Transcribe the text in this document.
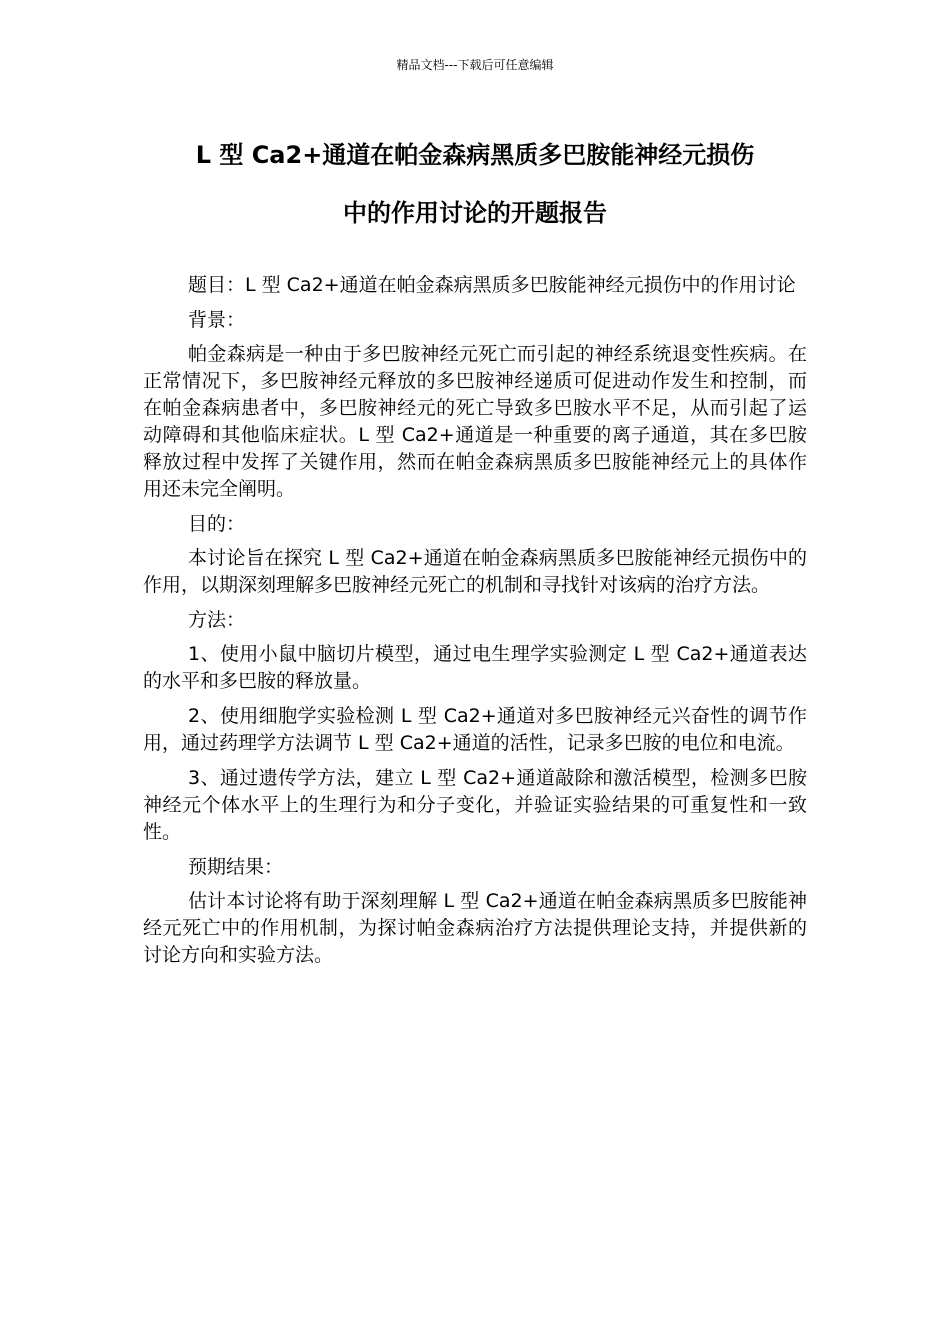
精品文档---下载后可任意编辑
L 型 Ca2+通道在帕金森病黑质多巴胺能神经元损伤
中的作用讨论的开题报告

题目：L 型 Ca2+通道在帕金森病黑质多巴胺能神经元损伤中的作用讨论

背景：

帕金森病是一种由于多巴胺神经元死亡而引起的神经系统退变性疾病。在正常情况下，多巴胺神经元释放的多巴胺神经递质可促进动作发生和控制，而在帕金森病患者中，多巴胺神经元的死亡导致多巴胺水平不足，从而引起了运动障碍和其他临床症状。L 型 Ca2+通道是一种重要的离子通道，其在多巴胺释放过程中发挥了关键作用，然而在帕金森病黑质多巴胺能神经元上的具体作用还未完全阐明。

目的：

本讨论旨在探究 L 型 Ca2+通道在帕金森病黑质多巴胺能神经元损伤中的作用，以期深刻理解多巴胺神经元死亡的机制和寻找针对该病的治疗方法。

方法：

1、使用小鼠中脑切片模型，通过电生理学实验测定 L 型 Ca2+通道表达的水平和多巴胺的释放量。

2、使用细胞学实验检测 L 型 Ca2+通道对多巴胺神经元兴奋性的调节作用，通过药理学方法调节 L 型 Ca2+通道的活性，记录多巴胺的电位和电流。

3、通过遗传学方法，建立 L 型 Ca2+通道敲除和激活模型，检测多巴胺神经元个体水平上的生理行为和分子变化，并验证实验结果的可重复性和一致性。

预期结果：

估计本讨论将有助于深刻理解 L 型 Ca2+通道在帕金森病黑质多巴胺能神经元死亡中的作用机制，为探讨帕金森病治疗方法提供理论支持，并提供新的讨论方向和实验方法。
